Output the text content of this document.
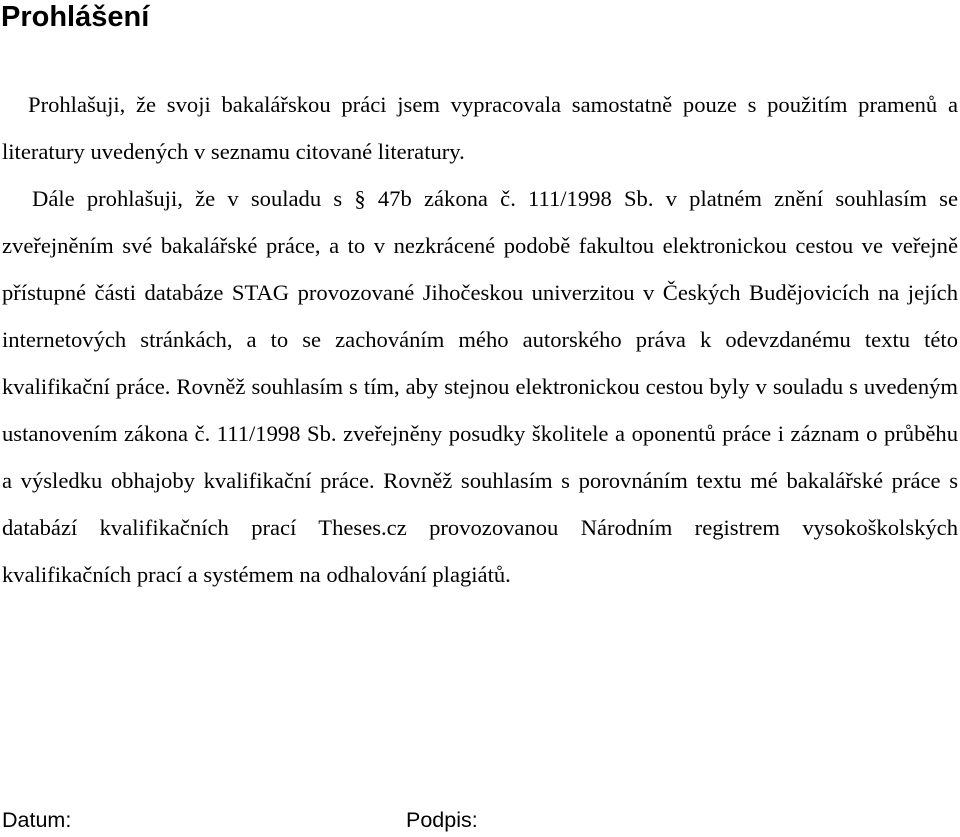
Prohlášení

Prohlašuji, že svoji bakalářskou práci jsem vypracovala samostatně pouze s použitím pramenů a literatury uvedených v seznamu citované literatury.

Dále prohlašuji, že v souladu s § 47b zákona č. 111/1998 Sb. v platném znění souhlasím se zveřejněním své bakalářské práce, a to v nezkrácené podobě fakultou elektronickou cestou ve veřejně přístupné části databáze STAG provozované Jihočeskou univerzitou v Českých Budějovicích na jejích internetových stránkách, a to se zachováním mého autorského práva k odevzdanému textu této kvalifikační práce. Rovněž souhlasím s tím, aby stejnou elektronickou cestou byly v souladu s uvedeným ustanovením zákona č. 111/1998 Sb. zveřejněny posudky školitele a oponentů práce i záznam o průběhu a výsledku obhajoby kvalifikační práce. Rovněž souhlasím s porovnáním textu mé bakalářské práce s databází kvalifikačních prací Theses.cz provozovanou Národním registrem vysokoškolských kvalifikačních prací a systémem na odhalování plagiátů.

Datum:	Podpis:
